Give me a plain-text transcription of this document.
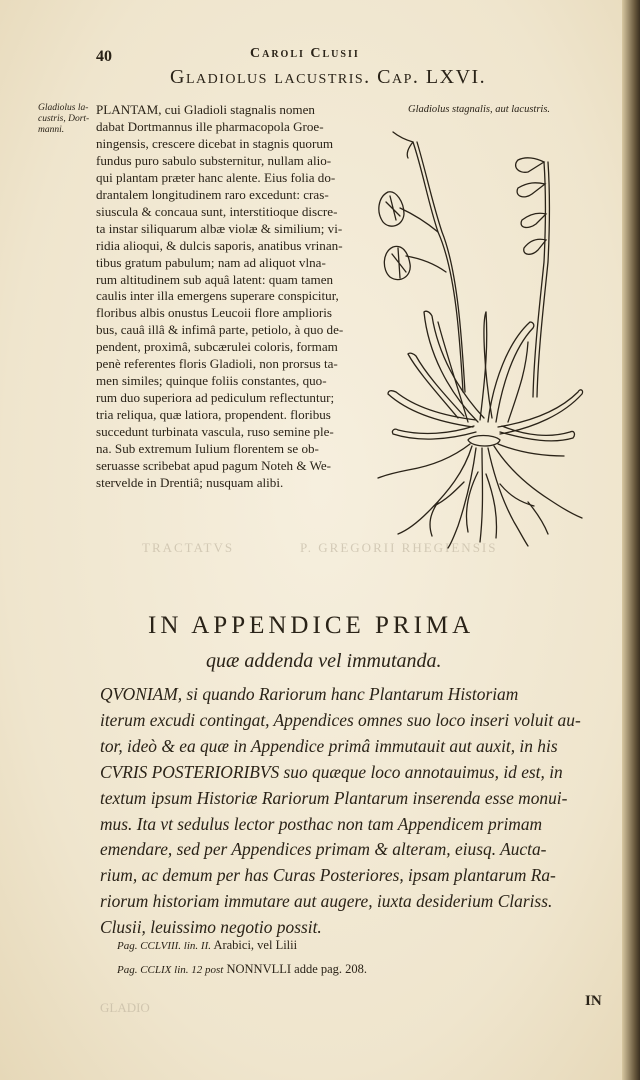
TRACTATVS	P. GREGORII RHEGIENSIS
GLADIO
40	Caroli Clusii
Gladiolus lacustris. Cap. LXVI.
Gladiolus la-
custris, Dort-
manni.
Gladiolus stagnalis, aut lacustris.
PLANTAM, cui Gladioli stagnalis nomen
dabat Dortmannus ille pharmacopola Groe-
ningensis, crescere dicebat in stagnis quorum
fundus puro sabulo substernitur, nullam alio-
qui plantam præter hanc alente. Eius folia do-
drantalem longitudinem raro excedunt: cras-
siuscula & concaua sunt, interstitioque discre-
ta instar siliquarum albæ violæ & similium; vi-
ridia alioqui, & dulcis saporis, anatibus vrinan-
tibus gratum pabulum; nam ad aliquot vlna-
rum altitudinem sub aquâ latent: quam tamen
caulis inter illa emergens superare conspicitur,
floribus albis onustus Leucoii flore amplioris
bus, cauâ illâ & infimâ parte, petiolo, à quo de-
pendent, proximâ, subcærulei coloris, formam
penè referentes floris Gladioli, non prorsus ta-
men similes; quinque foliis constantes, quo-
rum duo superiora ad pediculum reflectuntur;
tria reliqua, quæ latiora, propendent. floribus
succedunt turbinata vascula, ruso semine ple-
na. Sub extremum Iulium florentem se ob-
seruasse scribebat apud pagum Noteh & We-
stervelde in Drentiâ; nusquam alibi.
IN APPENDICE PRIMA
quæ addenda vel immutanda.
QVONIAM, si quando Rariorum hanc Plantarum Historiam
iterum excudi contingat, Appendices omnes suo loco inseri voluit au-
tor, ideò & ea quæ in Appendice primâ immutauit aut auxit, in his
CVRIS POSTERIORIBVS suo quæque loco annotauimus, id est, in
textum ipsum Historiæ Rariorum Plantarum inserenda esse monui-
mus. Ita vt sedulus lector posthac non tam Appendicem primam
emendare, sed per Appendices primam & alteram, eiusq. Aucta-
rium, ac demum per has Curas Posteriores, ipsam plantarum Ra-
riorum historiam immutare aut augere, iuxta desiderium Clariss.
Clusii, leuissimo negotio possit.
Pag. CCLVIII. lin. II. Arabici, vel Lilii
Pag. CCLIX lin. 12 post NONNVLLI addе pag. 208.
IN
